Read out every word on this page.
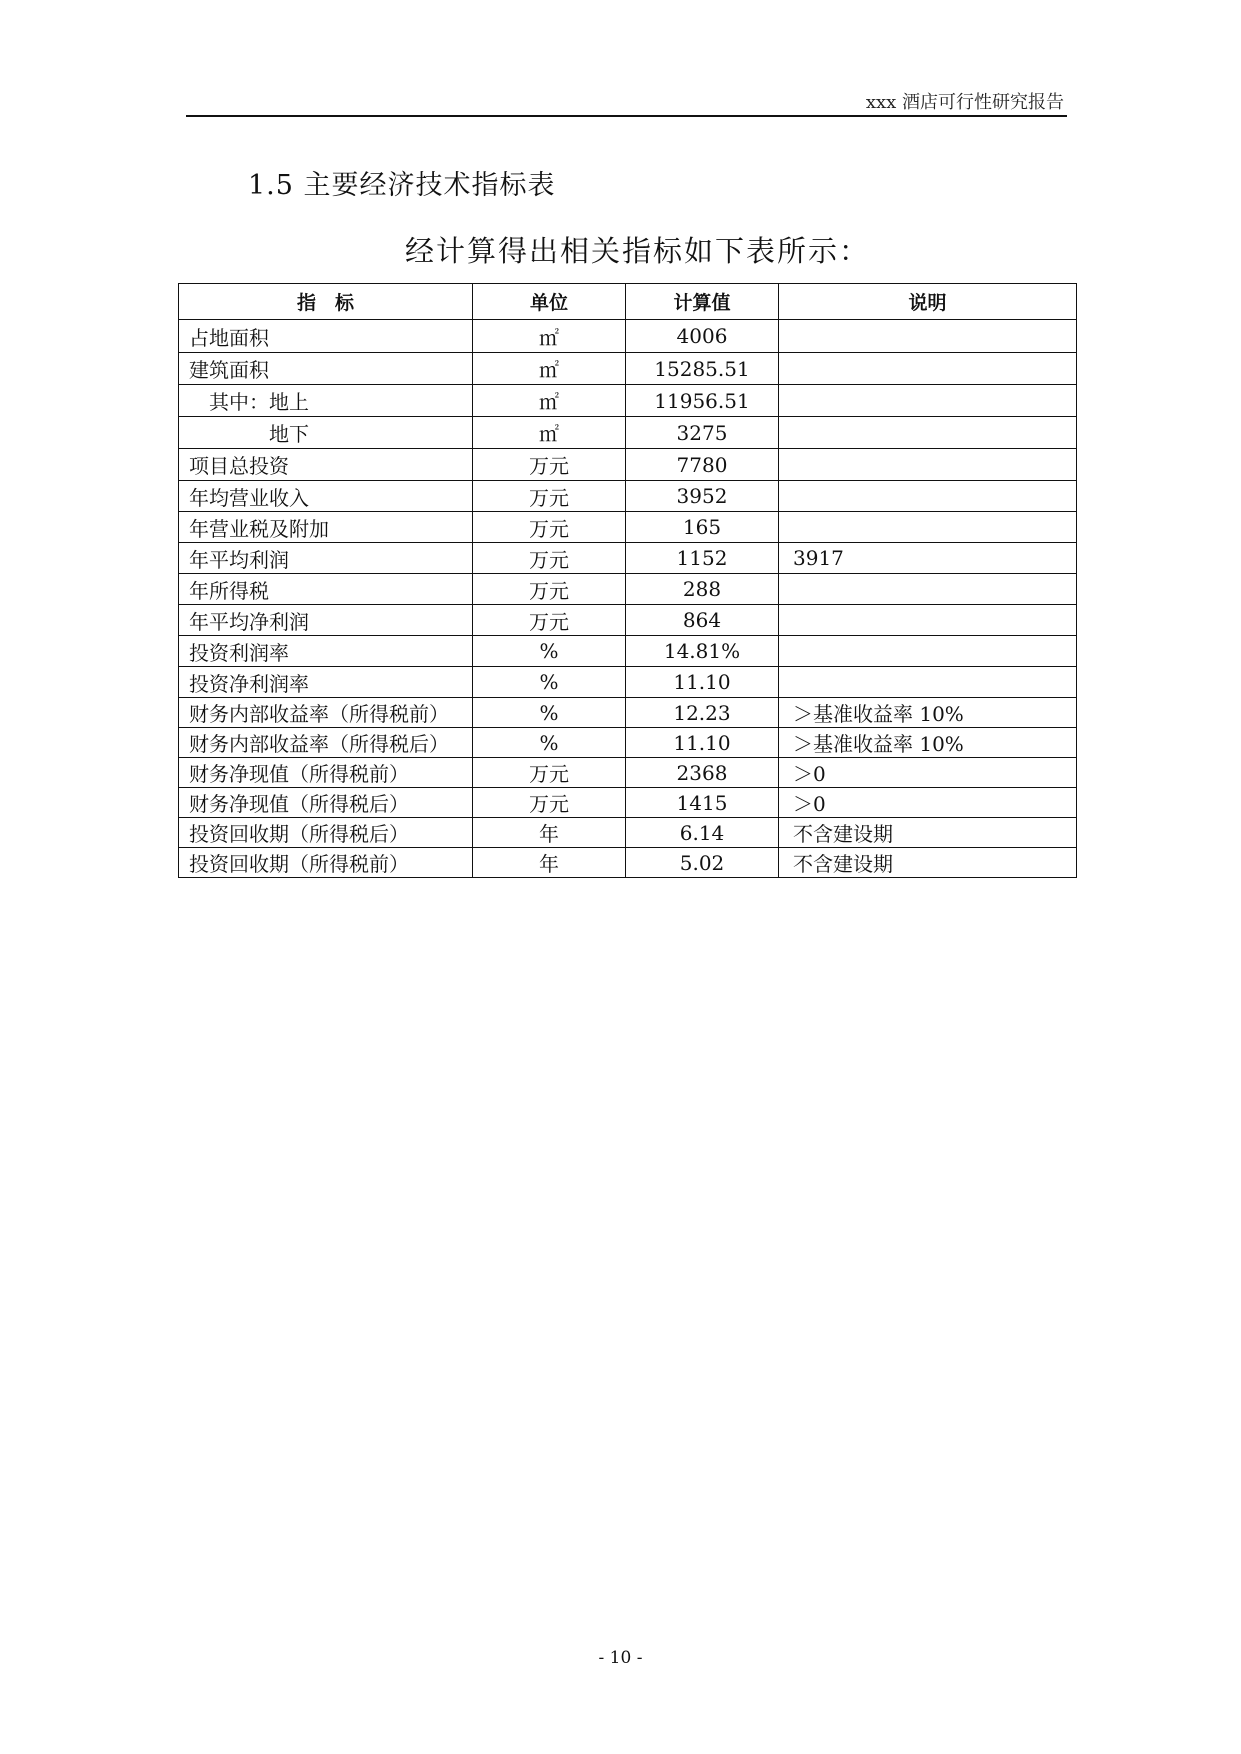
xxx 酒店可行性研究报告
1.5 主要经济技术指标表
经计算得出相关指标如下表所示：
指　标	单位	计算值	说明
占地面积	㎡	4006	
建筑面积	㎡	15285.51	
其中：地上	㎡	11956.51	
地下	㎡	3275	
项目总投资	万元	7780	
年均营业收入	万元	3952	
年营业税及附加	万元	165	
年平均利润	万元	1152	3917
年所得税	万元	288	
年平均净利润	万元	864	
投资利润率	%	14.81%	
投资净利润率	%	11.10	
财务内部收益率（所得税前）	%	12.23	＞基准收益率 10%
财务内部收益率（所得税后）	%	11.10	＞基准收益率 10%
财务净现值（所得税前）	万元	2368	＞0
财务净现值（所得税后）	万元	1415	＞0
投资回收期（所得税后）	年	6.14	不含建设期
投资回收期（所得税前）	年	5.02	不含建设期
- 10 -
